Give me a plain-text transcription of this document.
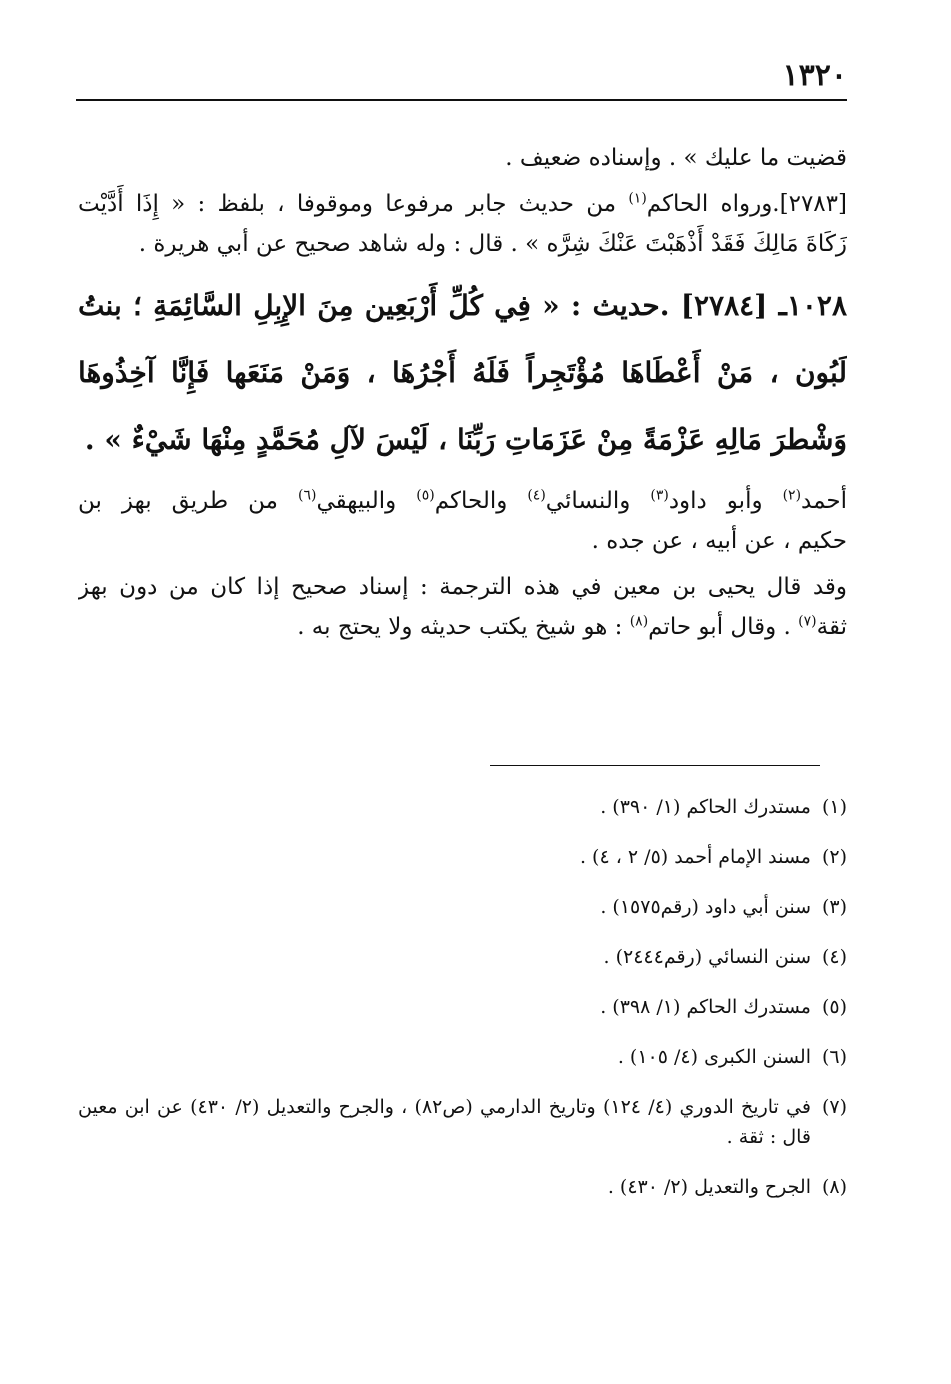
١٣٢٠
قضيت ما عليك » . وإسناده ضعيف .
[٢٧٨٣].ورواه الحاكم$^{(١)}$ من حديث جابر مرفوعا وموقوفا ، بلفظ : « إِذَا أَدَّيْت
زَكَاةَ مَالِكَ فَقَدْ أَذْهَبْتَ عَنْكَ شِرَّه » . قال : وله شاهد صحيح عن أبي هريرة .
١٠٢٨ـ [٢٧٨٤] .حديث : « فِي كُلِّ أَرْبَعِين مِنَ الإِبِلِ السَّائِمَةِ ؛ بنتُ
لَبُون ، مَنْ أَعْطَاهَا مُؤْتَجِراً فَلَهُ أَجْرُهَا ، وَمَنْ مَنَعَها فَإِنَّا آخِذُوهَا
وَشْطرَ مَالِهِ عَزْمَةً مِنْ عَزَمَاتِ رَبِّنَا ، لَيْسَ لآلِ مُحَمَّدٍ مِنْهَا شَيْءٌ » .
أحمد$^{(٢)}$ وأبو داود$^{(٣)}$ والنسائي$^{(٤)}$ والحاكم$^{(٥)}$ والبيهقي$^{(٦)}$ من طريق بهز بن
حكيم ، عن أبيه ، عن جده .
وقد قال يحيى بن معين في هذه الترجمة : إسناد صحيح إذا كان من دون بهز
ثقة$^{(٧)}$ . وقال أبو حاتم$^{(٨)}$ : هو شيخ يكتب حديثه ولا يحتج به .
(١)
مستدرك الحاكم (١/ ٣٩٠) .
(٢)
مسند الإمام أحمد (٥/ ٢ ، ٤) .
(٣)
سنن أبي داود (رقم١٥٧٥) .
(٤)
سنن النسائي (رقم٢٤٤٤) .
(٥)
مستدرك الحاكم (١/ ٣٩٨) .
(٦)
السنن الكبرى (٤/ ١٠٥) .
(٧)
في تاريخ الدوري (٤/ ١٢٤) وتاريخ الدارمي (ص٨٢) ، والجرح والتعديل (٢/ ٤٣٠) عن ابن معين قال : ثقة .
(٨)
الجرح والتعديل (٢/ ٤٣٠) .
